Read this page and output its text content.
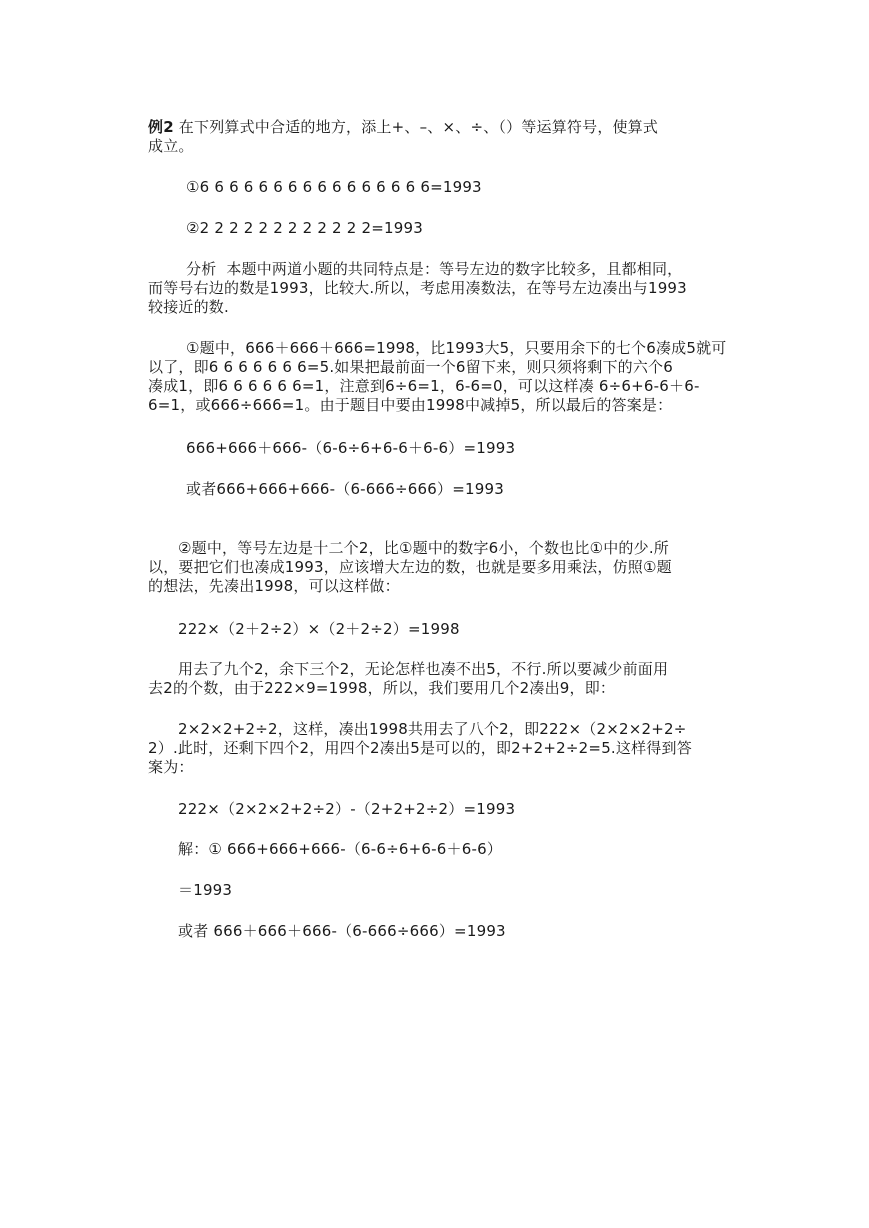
例2 在下列算式中合适的地方，添上+、–、×、÷、（）等运算符号，使算式
成立。
①6 6 6 6 6 6 6 6 6 6 6 6 6 6 6 6=1993
②2 2 2 2 2 2 2 2 2 2 2 2=1993
分析  本题中两道小题的共同特点是：等号左边的数字比较多，且都相同，
而等号右边的数是1993，比较大.所以，考虑用凑数法，在等号左边凑出与1993
较接近的数.
①题中，666＋666＋666=1998，比1993大5，只要用余下的七个6凑成5就可
以了，即6 6 6 6 6 6 6=5.如果把最前面一个6留下来，则只须将剩下的六个6
凑成1，即6 6 6 6 6 6=1，注意到6÷6=1，6-6=0，可以这样凑 6÷6+6-6＋6-
6=1，或666÷666=1。由于题目中要由1998中减掉5，所以最后的答案是：
666+666＋666-（6-6÷6+6-6＋6-6）=1993
或者666+666+666-（6-666÷666）=1993
②题中，等号左边是十二个2，比①题中的数字6小，个数也比①中的少.所
以，要把它们也凑成1993，应该增大左边的数，也就是要多用乘法，仿照①题
的想法，先凑出1998，可以这样做：
222×（2＋2÷2）×（2＋2÷2）=1998
用去了九个2，余下三个2，无论怎样也凑不出5，不行.所以要减少前面用
去2的个数，由于222×9=1998，所以，我们要用几个2凑出9，即：
2×2×2+2÷2，这样，凑出1998共用去了八个2，即222×（2×2×2+2÷
2）.此时，还剩下四个2，用四个2凑出5是可以的，即2+2+2÷2=5.这样得到答
案为：
222×（2×2×2+2÷2）-（2+2+2÷2）=1993
解：① 666+666+666-（6-6÷6+6-6＋6-6）
＝1993
或者 666＋666＋666-（6-666÷666）=1993
